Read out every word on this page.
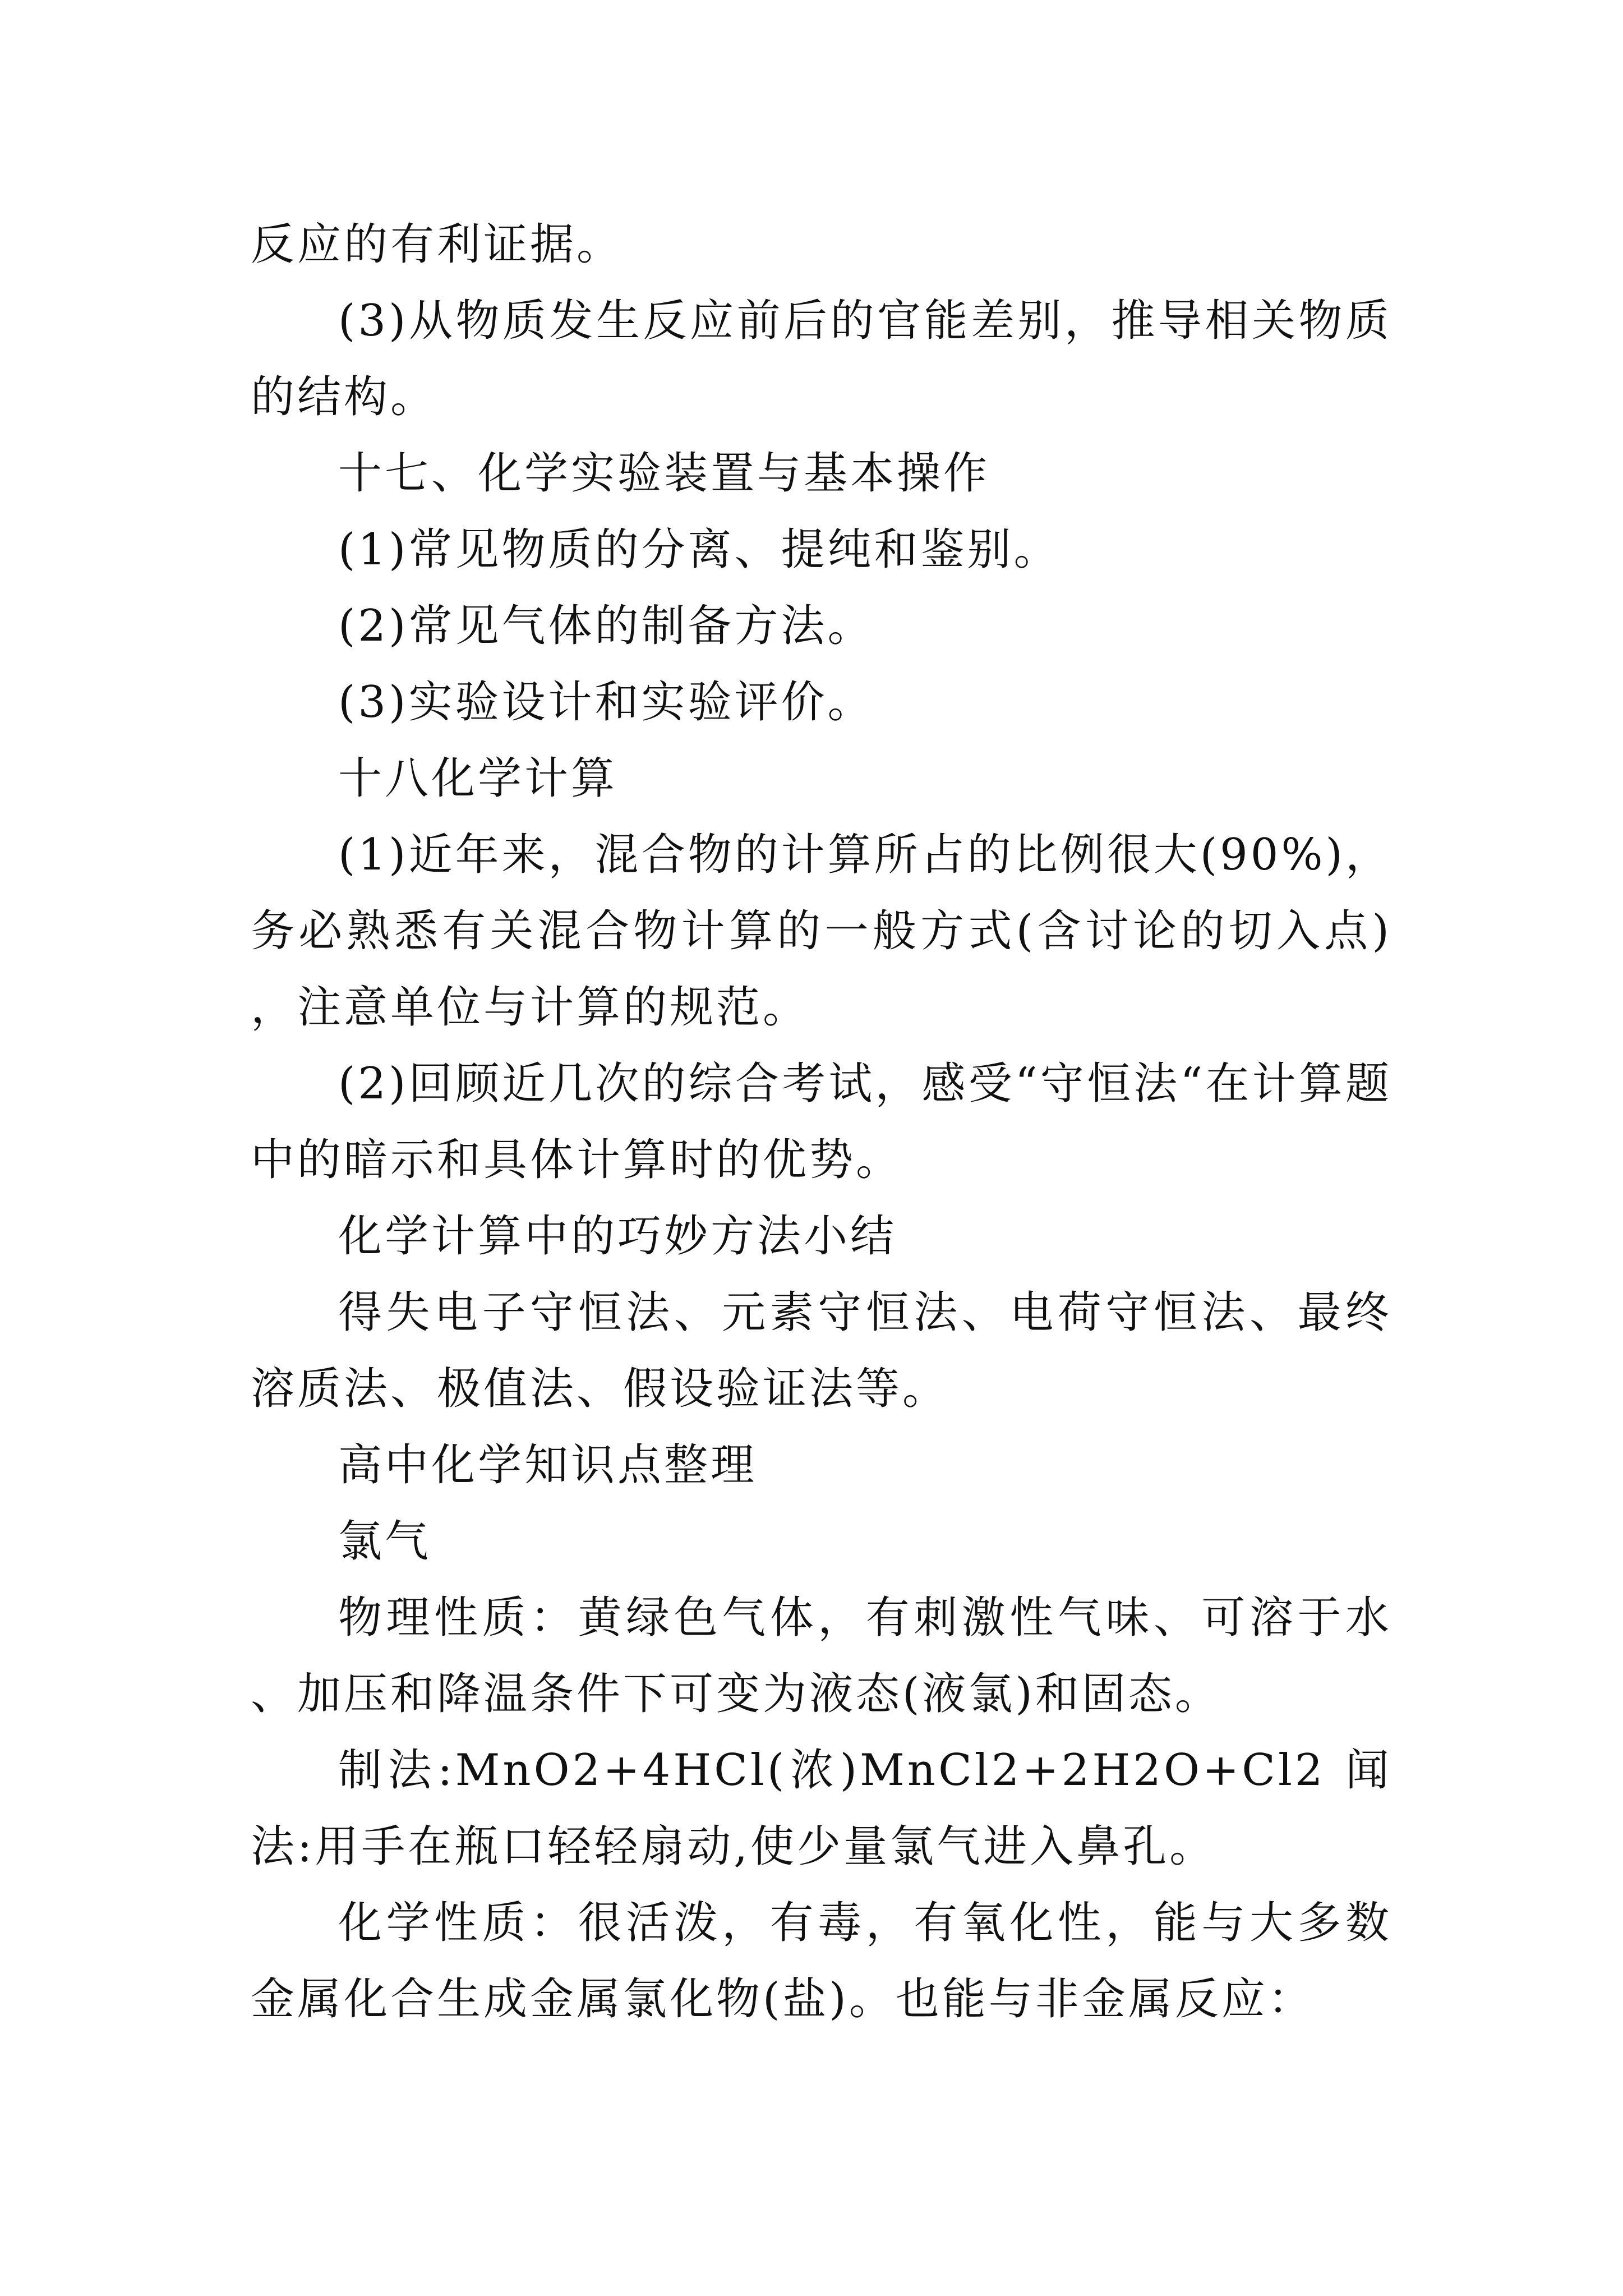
反应的有利证据。

(3)从物质发生反应前后的官能差别，推导相关物质的结构。

十七、化学实验装置与基本操作

(1)常见物质的分离、提纯和鉴别。

(2)常见气体的制备方法。

(3)实验设计和实验评价。

十八化学计算

(1)近年来，混合物的计算所占的比例很大(90%)，务必熟悉有关混合物计算的一般方式(含讨论的切入点)，注意单位与计算的规范。

(2)回顾近几次的综合考试，感受“守恒法“在计算题中的暗示和具体计算时的优势。

化学计算中的巧妙方法小结

得失电子守恒法、元素守恒法、电荷守恒法、最终溶质法、极值法、假设验证法等。

高中化学知识点整理

氯气

物理性质：黄绿色气体，有刺激性气味、可溶于水、加压和降温条件下可变为液态(液氯)和固态。

制法:MnO2+4HCl(浓)MnCl2+2H2O+Cl2 闻法:用手在瓶口轻轻扇动,使少量氯气进入鼻孔。

化学性质：很活泼，有毒，有氧化性，能与大多数金属化合生成金属氯化物(盐)。也能与非金属反应：
